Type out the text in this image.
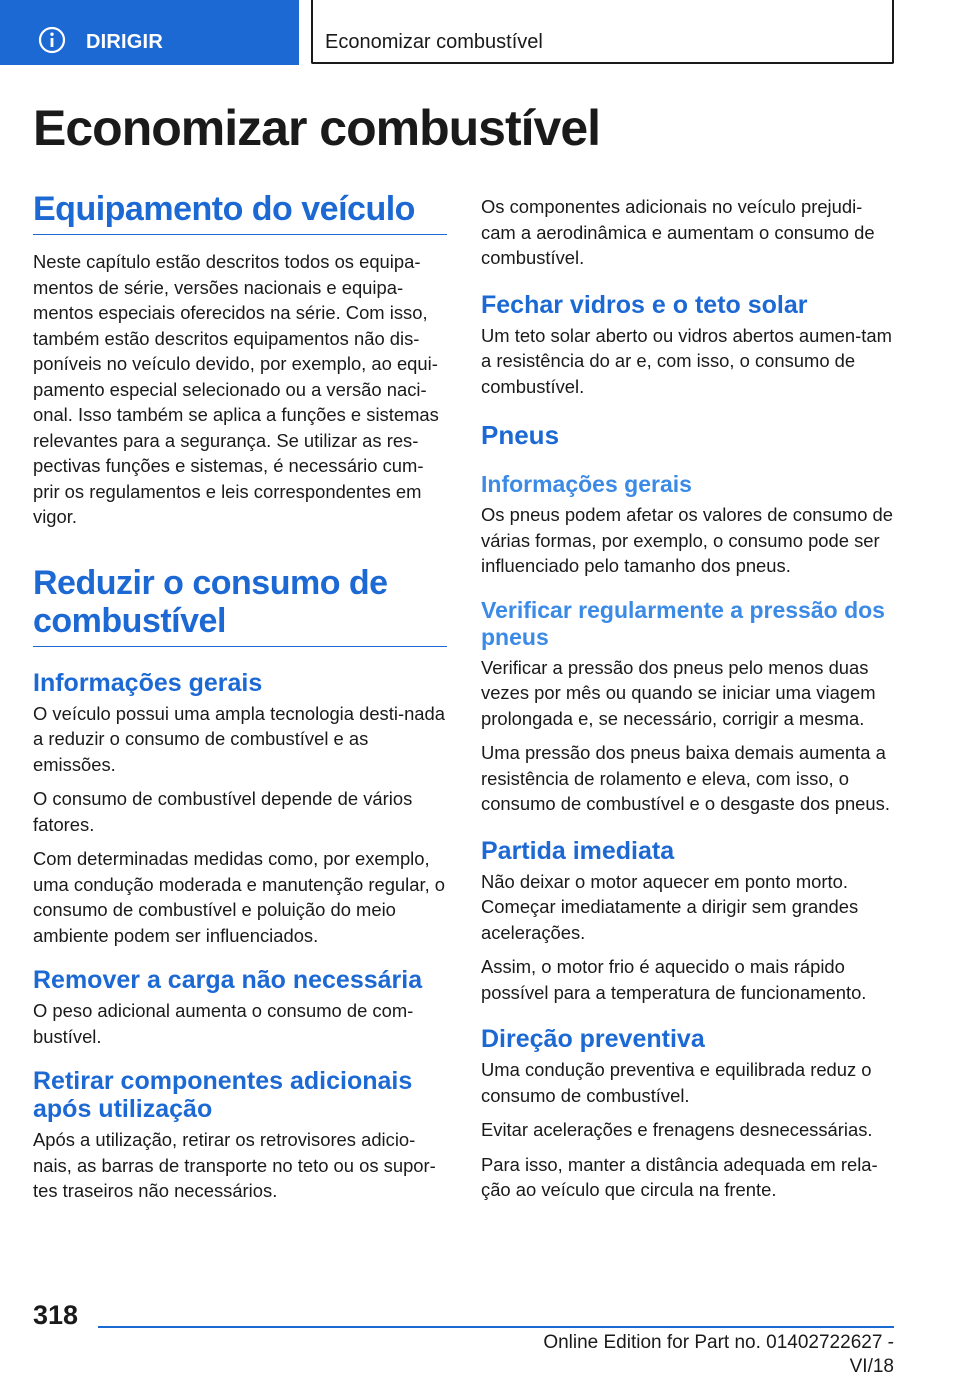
DIRIGIR	Economizar combustível
Economizar combustível
Equipamento do veículo

Neste capítulo estão descritos todos os equipa-mentos de série, versões nacionais e equipa-mentos especiais oferecidos na série. Com isso, também estão descritos equipamentos não dis-poníveis no veículo devido, por exemplo, ao equi-pamento especial selecionado ou a versão naci-onal. Isso também se aplica a funções e sistemas relevantes para a segurança. Se utilizar as res-pectivas funções e sistemas, é necessário cum-prir os regulamentos e leis correspondentes em vigor.

Reduzir o consumo de combustível
Informações gerais

O veículo possui uma ampla tecnologia desti-nada a reduzir o consumo de combustível e as emissões.

O consumo de combustível depende de vários fatores.

Com determinadas medidas como, por exemplo, uma condução moderada e manutenção regular, o consumo de combustível e poluição do meio ambiente podem ser influenciados.

Remover a carga não necessária

O peso adicional aumenta o consumo de com-bustível.

Retirar componentes adicionais após utilização

Após a utilização, retirar os retrovisores adicio-nais, as barras de transporte no teto ou os supor-tes traseiros não necessários.

Os componentes adicionais no veículo prejudi-cam a aerodinâmica e aumentam o consumo de combustível.

Fechar vidros e o teto solar

Um teto solar aberto ou vidros abertos aumen-tam a resistência do ar e, com isso, o consumo de combustível.

Pneus
Informações gerais

Os pneus podem afetar os valores de consumo de várias formas, por exemplo, o consumo pode ser influenciado pelo tamanho dos pneus.

Verificar regularmente a pressão dos pneus

Verificar a pressão dos pneus pelo menos duas vezes por mês ou quando se iniciar uma viagem prolongada e, se necessário, corrigir a mesma.

Uma pressão dos pneus baixa demais aumenta a resistência de rolamento e eleva, com isso, o consumo de combustível e o desgaste dos pneus.

Partida imediata

Não deixar o motor aquecer em ponto morto. Começar imediatamente a dirigir sem grandes acelerações.

Assim, o motor frio é aquecido o mais rápido possível para a temperatura de funcionamento.

Direção preventiva

Uma condução preventiva e equilibrada reduz o consumo de combustível.

Evitar acelerações e frenagens desnecessárias.

Para isso, manter a distância adequada em rela-ção ao veículo que circula na frente.

318
Online Edition for Part no. 01402722627 - VI/18
